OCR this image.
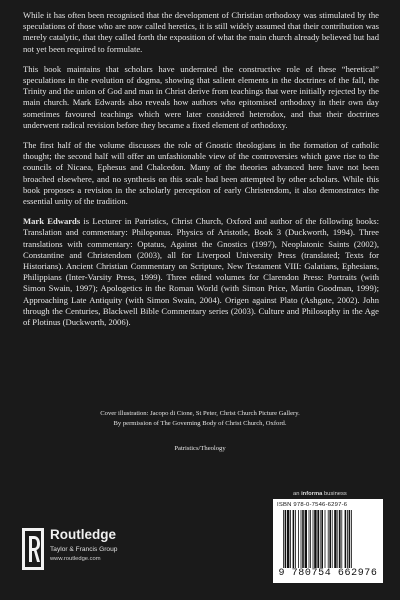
While it has often been recognised that the development of Christian orthodoxy was stimulated by the speculations of those who are now called heretics, it is still widely assumed that their contribution was merely catalytic, that they called forth the exposition of what the main church already believed but had not yet been required to formulate.

This book maintains that scholars have underrated the constructive role of these “heretical” speculations in the evolution of dogma, showing that salient elements in the doctrines of the fall, the Trinity and the union of God and man in Christ derive from teachings that were initially rejected by the main church. Mark Edwards also reveals how authors who epitomised orthodoxy in their own day sometimes favoured teachings which were later considered heterodox, and that their doctrines underwent radical revision before they became a fixed element of orthodoxy.

The first half of the volume discusses the role of Gnostic theologians in the formation of catholic thought; the second half will offer an unfashionable view of the controversies which gave rise to the councils of Nicaea, Ephesus and Chalcedon. Many of the theories advanced here have not been broached elsewhere, and no synthesis on this scale had been attempted by other scholars. While this book proposes a revision in the scholarly perception of early Christendom, it also demonstrates the essential unity of the tradition.

Mark Edwards is Lecturer in Patristics, Christ Church, Oxford and author of the following books: Translation and commentary: Philoponus. Physics of Aristotle, Book 3 (Duckworth, 1994). Three translations with commentary: Optatus, Against the Gnostics (1997), Neoplatonic Saints (2002), Constantine and Christendom (2003), all for Liverpool University Press (translated; Texts for Historians). Ancient Christian Commentary on Scripture, New Testament VIII: Galatians, Ephesians, Philippians (Inter-Varsity Press, 1999). Three edited volumes for Clarendon Press: Portraits (with Simon Swain, 1997); Apologetics in the Roman World (with Simon Price, Martin Goodman, 1999); Approaching Late Antiquity (with Simon Swain, 2004). Origen against Plato (Ashgate, 2002). John through the Centuries, Blackwell Bible Commentary series (2003). Culture and Philosophy in the Age of Plotinus (Duckworth, 2006).

Cover illustration: Jacopo di Cione, St Peter, Christ Church Picture Gallery.
By permission of The Governing Body of Christ Church, Oxford.
Patristics/Theology
an informa business
ISBN 978-0-7546-6297-6
9 780754 662976
Routledge
Taylor & Francis Group
www.routledge.com
